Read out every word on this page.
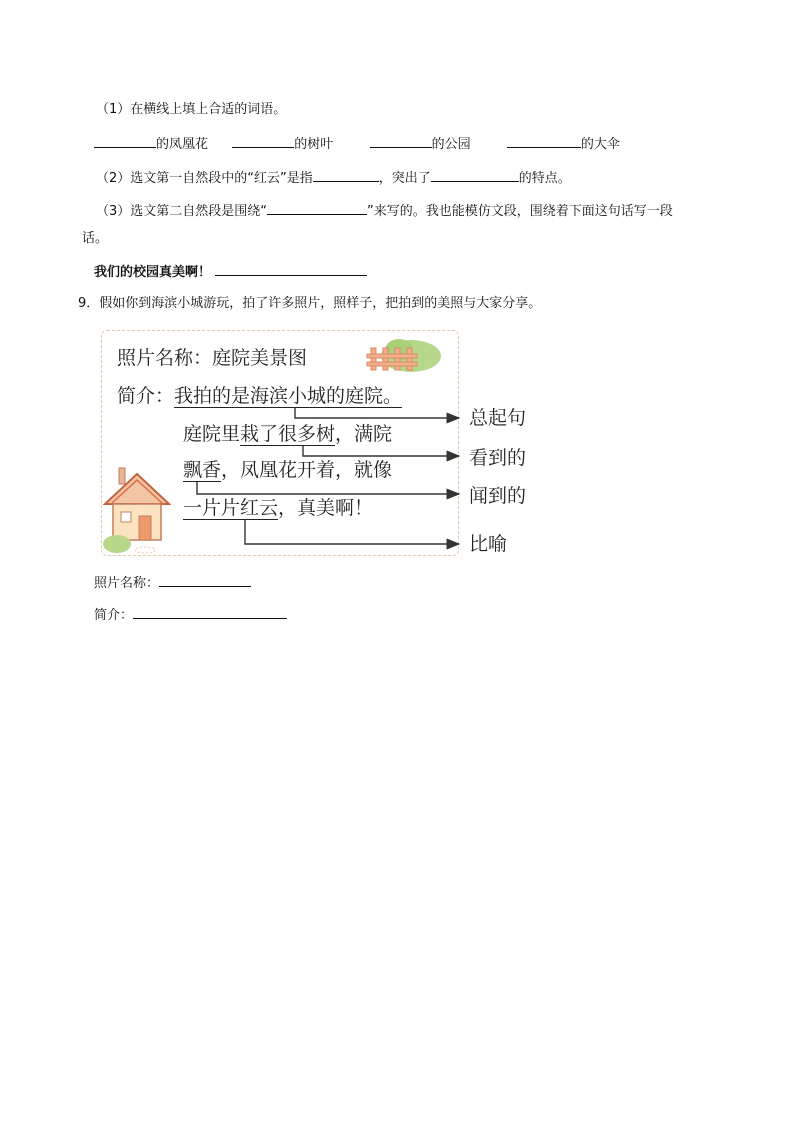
（1）在横线上填上合适的词语。
的凤凰花	的树叶	的公园	的大伞
（2）选文第一自然段中的“红云”是指	，突出了	的特点。
（3）选文第二自然段是围绕“	”来写的。我也能模仿文段，围绕着下面这句话写一段
话。
我们的校园真美啊！
9．假如你到海滨小城游玩，拍了许多照片，照样子，把拍到的美照与大家分享。
照片名称：庭院美景图
简介：我拍的是海滨小城的庭院。
庭院里栽了很多树，满院
飘香，凤凰花开着，就像
一片片红云，真美啊！
总起句
看到的
闻到的
比喻
照片名称：
简介：
